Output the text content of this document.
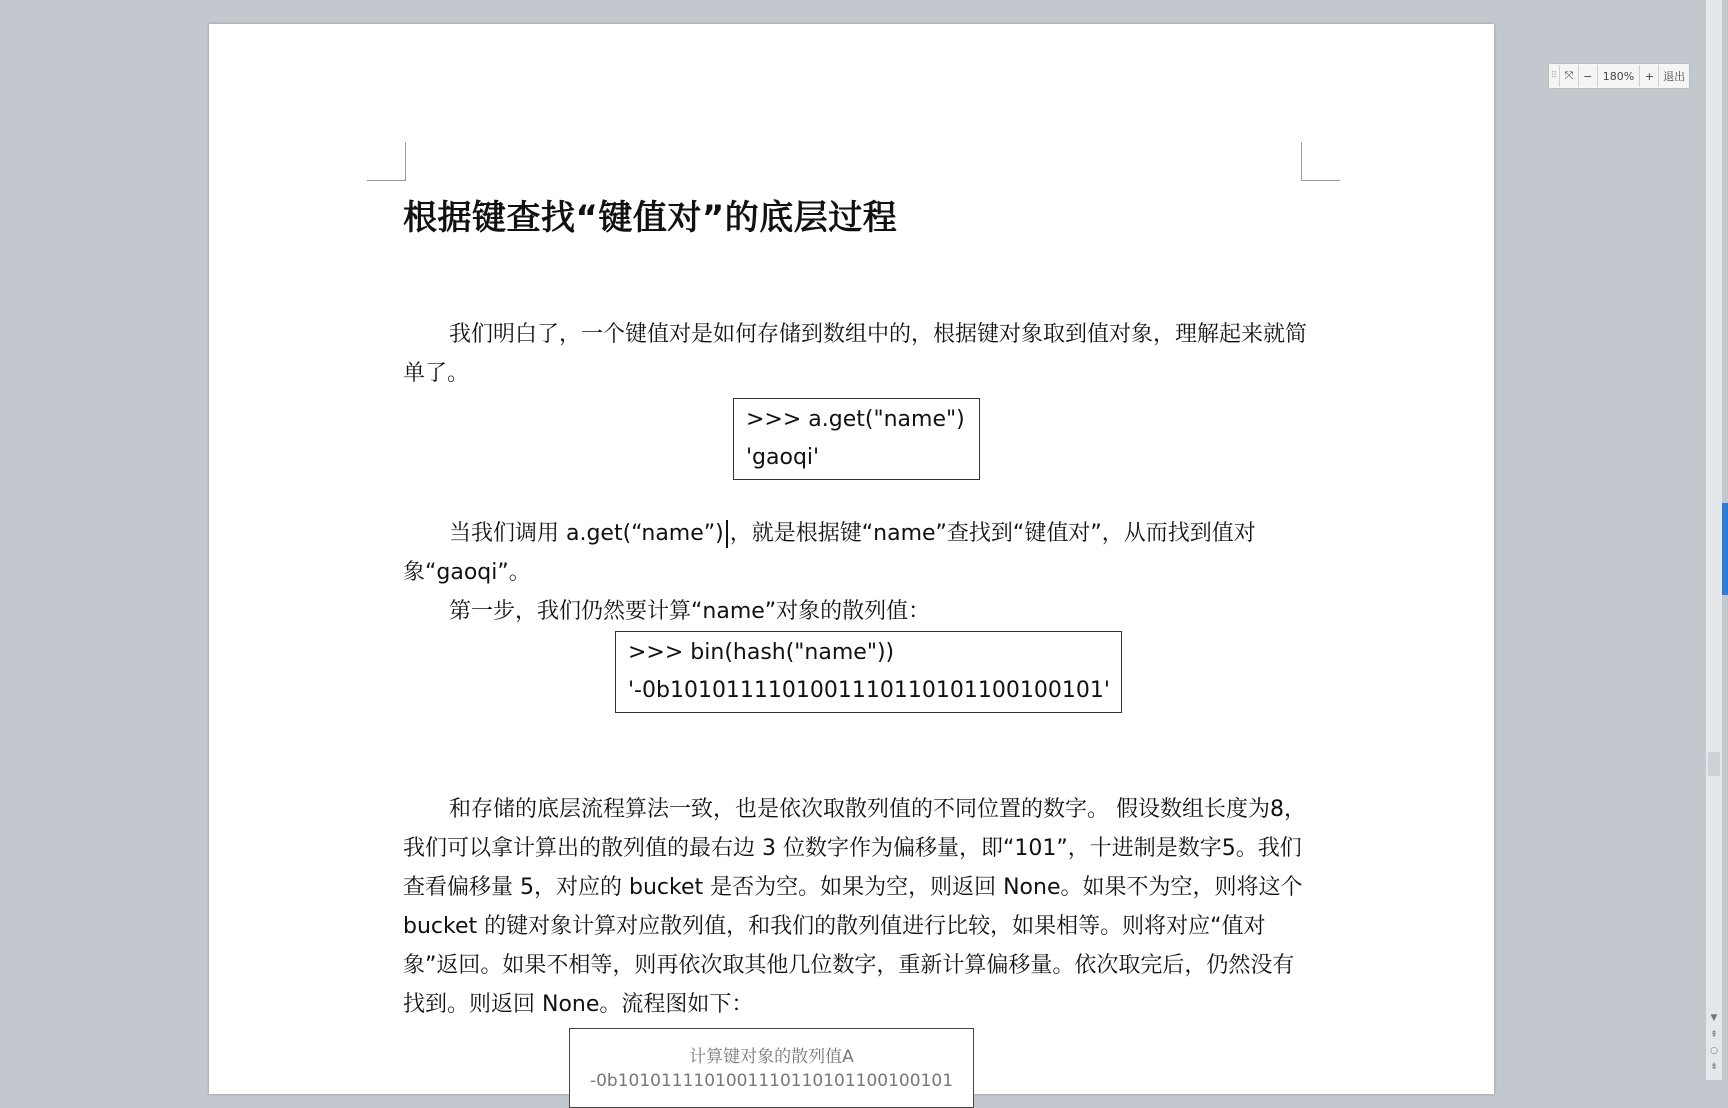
根据键查找“键值对”的底层过程

我们明白了，一个键值对是如何存储到数组中的，根据键对象取到值对象，理解起来就简单了。

>>> a.get("name")
'gaoqi'

当我们调用 a.get(“name”) ，就是根据键“name”查找到“键值对”，从而找到值对象“gaoqi”。

第一步，我们仍然要计算“name”对象的散列值：

>>> bin(hash("name"))
'-0b1010111101001110110101100100101'

和存储的底层流程算法一致，也是依次取散列值的不同位置的数字。 假设数组长度为8，我们可以拿计算出的散列值的最右边 3 位数字作为偏移量，即“101”，十进制是数字5。我们查看偏移量 5，对应的 bucket 是否为空。如果为空，则返回 None。如果不为空，则将这个 bucket 的键对象计算对应散列值，和我们的散列值进行比较，如果相等。则将对应“值对象”返回。如果不相等，则再依次取其他几位数字，重新计算偏移量。依次取完后，仍然没有找到。则返回 None。流程图如下：

计算键对象的散列值A
-0b1010111101001110110101100100101
⠿ ⤧ − 180% + 退出
▼
⇞
○
⇟
